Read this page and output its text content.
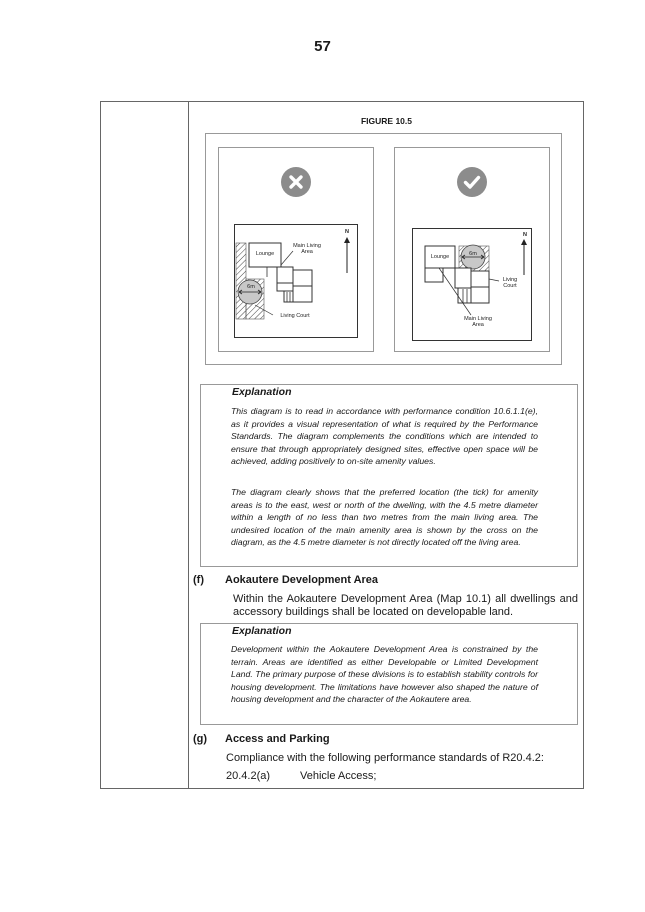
57
FIGURE 10.5
Lounge
Main Living Area
6m
Living Court
N
Lounge	6m
Living Court
Main Living Area
N
Explanation

This diagram is to read in accordance with performance condition 10.6.1.1(e), as it provides a visual representation of what is required by the Performance Standards. The diagram complements the conditions which are intended to ensure that through appropriately designed sites, effective open space will be achieved, adding positively to on-site amenity values.

The diagram clearly shows that the preferred location (the tick) for amenity areas is to the east, west or north of the dwelling, with the 4.5 metre diameter within a length of no less than two metres from the main living area. The undesired location of the main amenity area is shown by the cross on the diagram, as the 4.5 metre diameter is not directly located off the living area.

(f) Aokautere Development Area

Within the Aokautere Development Area (Map 10.1) all dwellings and accessory buildings shall be located on developable land.

Explanation

Development within the Aokautere Development Area is constrained by the terrain. Areas are identified as either Developable or Limited Development Land. The primary purpose of these divisions is to establish stability controls for housing development. The limitations have however also shaped the nature of housing development and the character of the Aokautere area.

(g) Access and Parking

Compliance with the following performance standards of R20.4.2:

20.4.2(a)	Vehicle Access;
